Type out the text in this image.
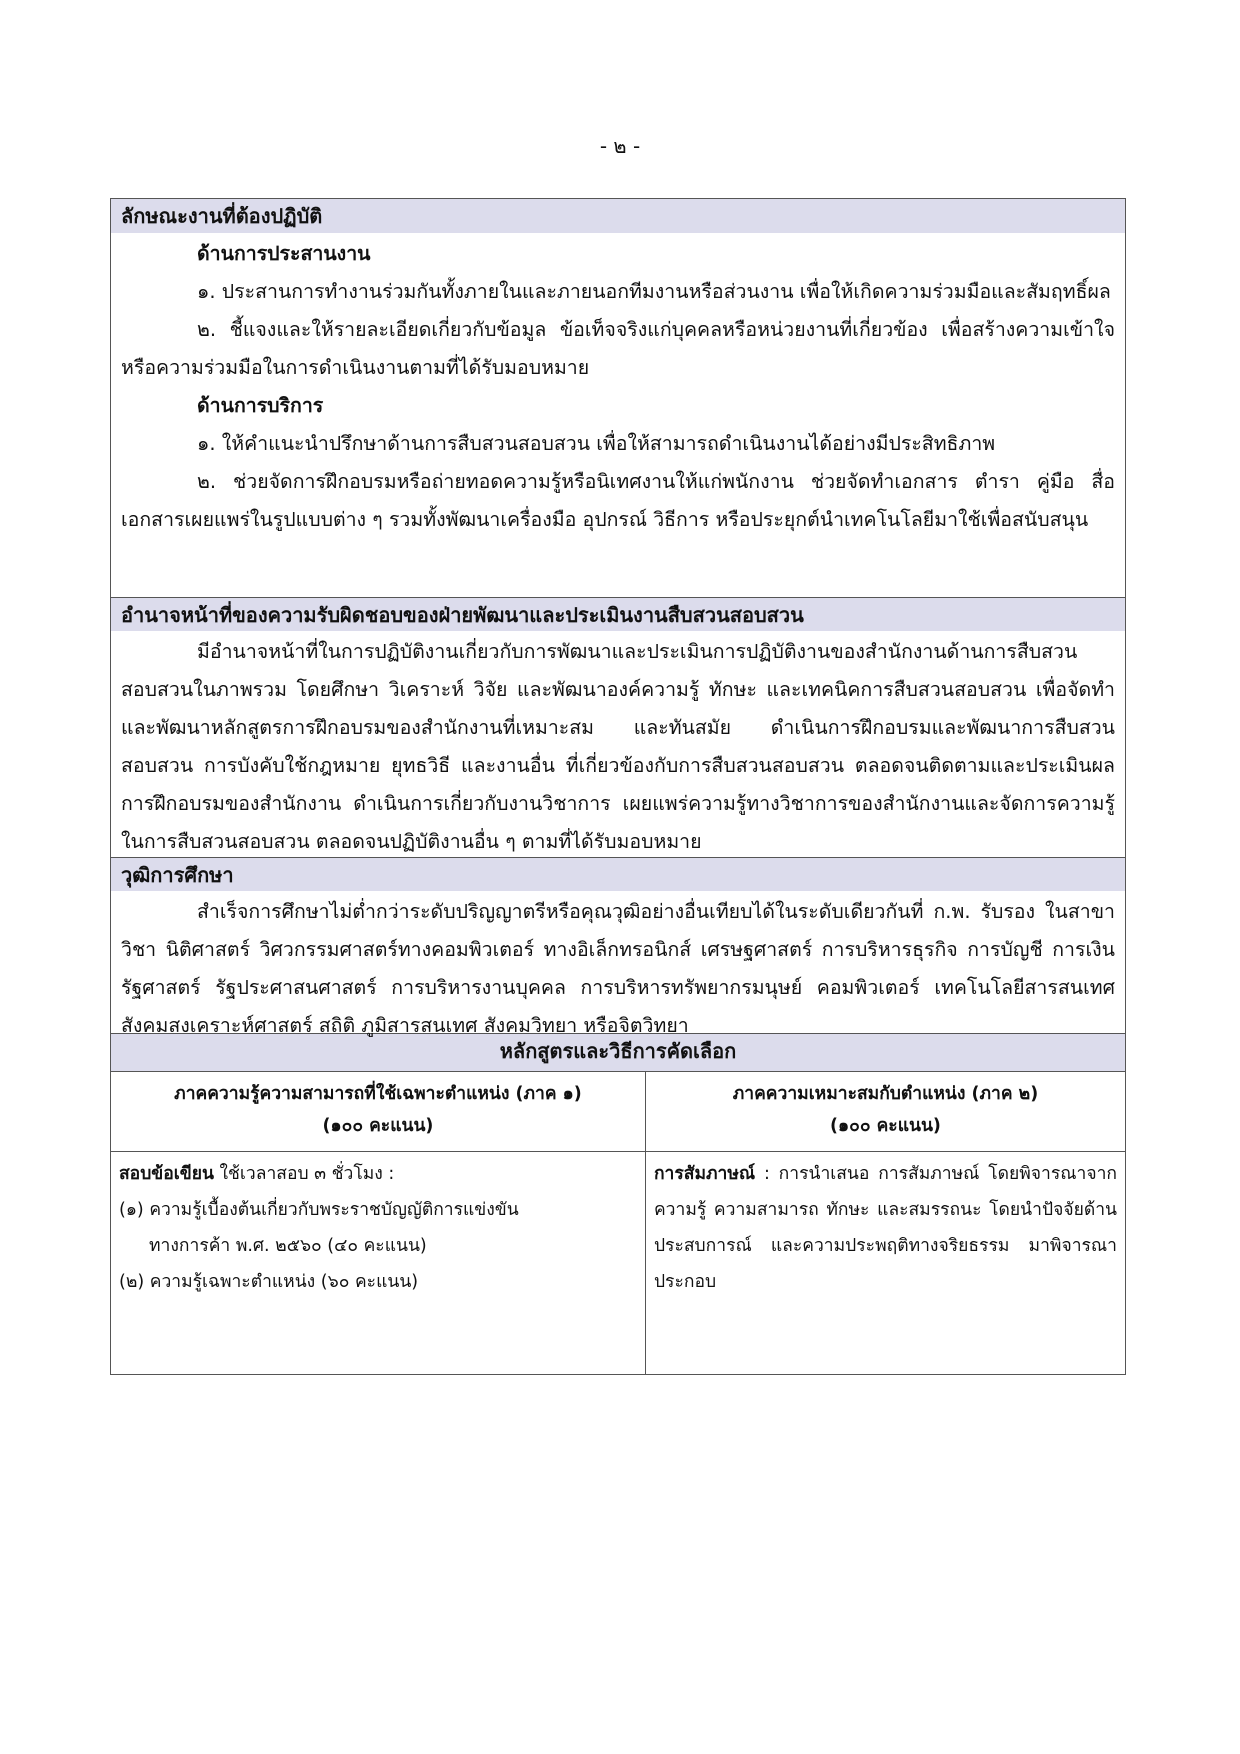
- ๒ -
ลักษณะงานที่ต้องปฏิบัติ
ด้านการประสานงาน

๑. ประสานการทำงานร่วมกันทั้งภายในและภายนอกทีมงานหรือส่วนงาน เพื่อให้เกิดความร่วมมือและสัมฤทธิ์ผล

๒. ชี้แจงและให้รายละเอียดเกี่ยวกับข้อมูล ข้อเท็จจริงแก่บุคคลหรือหน่วยงานที่เกี่ยวข้อง เพื่อสร้างความเข้าใจหรือความร่วมมือในการดำเนินงานตามที่ได้รับมอบหมาย

ด้านการบริการ

๑. ให้คำแนะนำปรึกษาด้านการสืบสวนสอบสวน เพื่อให้สามารถดำเนินงานได้อย่างมีประสิทธิภาพ

๒. ช่วยจัดการฝึกอบรมหรือถ่ายทอดความรู้หรือนิเทศงานให้แก่พนักงาน ช่วยจัดทำเอกสาร ตำรา คู่มือ สื่อเอกสารเผยแพร่ในรูปแบบต่าง ๆ รวมทั้งพัฒนาเครื่องมือ อุปกรณ์ วิธีการ หรือประยุกต์นำเทคโนโลยีมาใช้เพื่อสนับสนุน

อำนาจหน้าที่ของความรับผิดชอบของฝ่ายพัฒนาและประเมินงานสืบสวนสอบสวน

มีอำนาจหน้าที่ในการปฏิบัติงานเกี่ยวกับการพัฒนาและประเมินการปฏิบัติงานของสำนักงานด้านการสืบสวนสอบสวนในภาพรวม โดยศึกษา วิเคราะห์ วิจัย และพัฒนาองค์ความรู้ ทักษะ และเทคนิคการสืบสวนสอบสวน เพื่อจัดทำและพัฒนาหลักสูตรการฝึกอบรมของสำนักงานที่เหมาะสม และทันสมัย ดำเนินการฝึกอบรมและพัฒนาการสืบสวนสอบสวน การบังคับใช้กฎหมาย ยุทธวิธี และงานอื่น ที่เกี่ยวข้องกับการสืบสวนสอบสวน ตลอดจนติดตามและประเมินผลการฝึกอบรมของสำนักงาน ดำเนินการเกี่ยวกับงานวิชาการ เผยแพร่ความรู้ทางวิชาการของสำนักงานและจัดการความรู้ในการสืบสวนสอบสวน ตลอดจนปฏิบัติงานอื่น ๆ ตามที่ได้รับมอบหมาย

วุฒิการศึกษา

สำเร็จการศึกษาไม่ต่ำกว่าระดับปริญญาตรีหรือคุณวุฒิอย่างอื่นเทียบได้ในระดับเดียวกันที่ ก.พ. รับรอง ในสาขาวิชา นิติศาสตร์ วิศวกรรมศาสตร์ทางคอมพิวเตอร์ ทางอิเล็กทรอนิกส์ เศรษฐศาสตร์ การบริหารธุรกิจ การบัญชี การเงิน รัฐศาสตร์ รัฐประศาสนศาสตร์ การบริหารงานบุคคล การบริหารทรัพยากรมนุษย์ คอมพิวเตอร์ เทคโนโลยีสารสนเทศ สังคมสงเคราะห์ศาสตร์ สถิติ ภูมิสารสนเทศ สังคมวิทยา หรือจิตวิทยา

หลักสูตรและวิธีการคัดเลือก
ภาคความรู้ความสามารถที่ใช้เฉพาะตำแหน่ง (ภาค ๑)
(๑๐๐ คะแนน)
สอบข้อเขียน ใช้เวลาสอบ ๓ ชั่วโมง :
(๑) ความรู้เบื้องต้นเกี่ยวกับพระราชบัญญัติการแข่งขัน
ทางการค้า พ.ศ. ๒๕๖๐ (๔๐ คะแนน)
(๒) ความรู้เฉพาะตำแหน่ง (๖๐ คะแนน)
ภาคความเหมาะสมกับตำแหน่ง (ภาค ๒)
(๑๐๐ คะแนน)
การสัมภาษณ์ : การนำเสนอ การสัมภาษณ์ โดยพิจารณาจากความรู้ ความสามารถ ทักษะ และสมรรถนะ โดยนำปัจจัยด้านประสบการณ์ และความประพฤติทางจริยธรรม มาพิจารณาประกอบ
